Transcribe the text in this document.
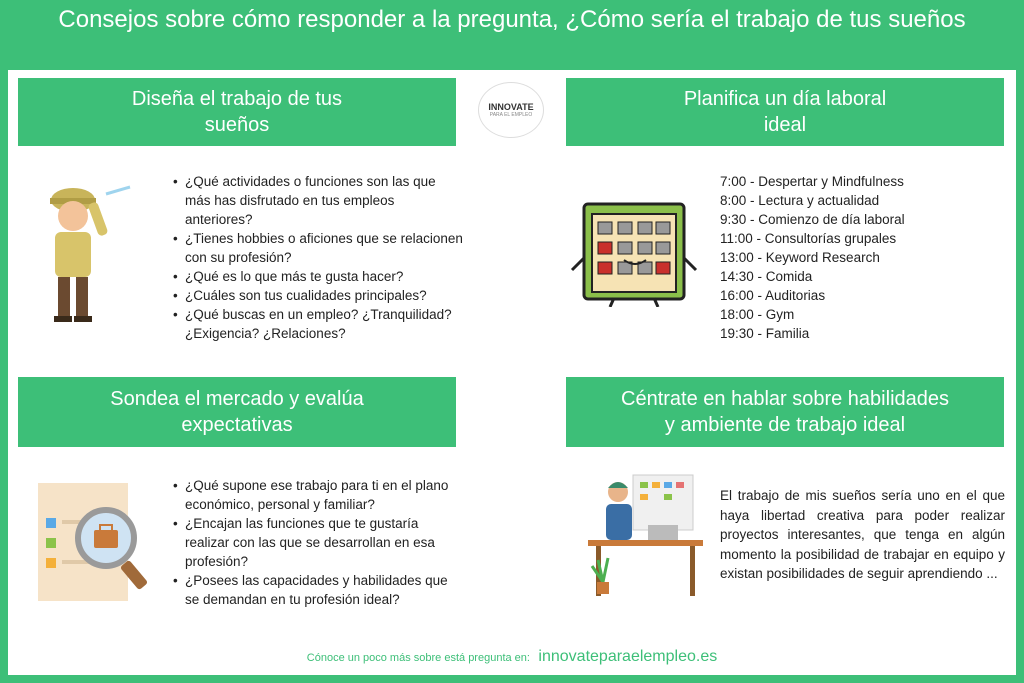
Consejos sobre cómo responder a la pregunta, ¿Cómo sería el trabajo de tus sueños
Diseña el trabajo de tus
sueños
INNOVATE
PARA EL EMPLEO
Planifica un día laboral
ideal
• ¿Qué actividades o funciones son las que más has disfrutado en tus empleos anteriores?
• ¿Tienes hobbies o aficiones que se relacionen con su profesión?
• ¿Qué es lo que más te gusta hacer?
• ¿Cuáles son tus cualidades principales?
• ¿Qué buscas en un empleo? ¿Tranquilidad? ¿Exigencia? ¿Relaciones?
7:00 - Despertar y Mindfulness
8:00 - Lectura y actualidad
9:30 - Comienzo de día laboral
11:00 - Consultorías grupales
13:00 - Keyword Research
14:30 - Comida
16:00 - Auditorias
18:00 - Gym
19:30 - Familia
Sondea el mercado y evalúa
expectativas
Céntrate en hablar sobre habilidades
y ambiente de trabajo ideal
• ¿Qué supone ese trabajo para ti en el plano económico, personal y familiar?
• ¿Encajan las funciones que te gustaría realizar con las que se desarrollan en esa profesión?
• ¿Posees las capacidades y habilidades que se demandan en tu profesión ideal?

El trabajo de mis sueños sería uno en el que haya libertad creativa para poder realizar proyectos interesantes, que tenga en algún momento la posibilidad de trabajar en equipo y existan posibilidades de seguir aprendiendo ...

Cónoce un poco más sobre está pregunta en: innovateparaelempleo.es
